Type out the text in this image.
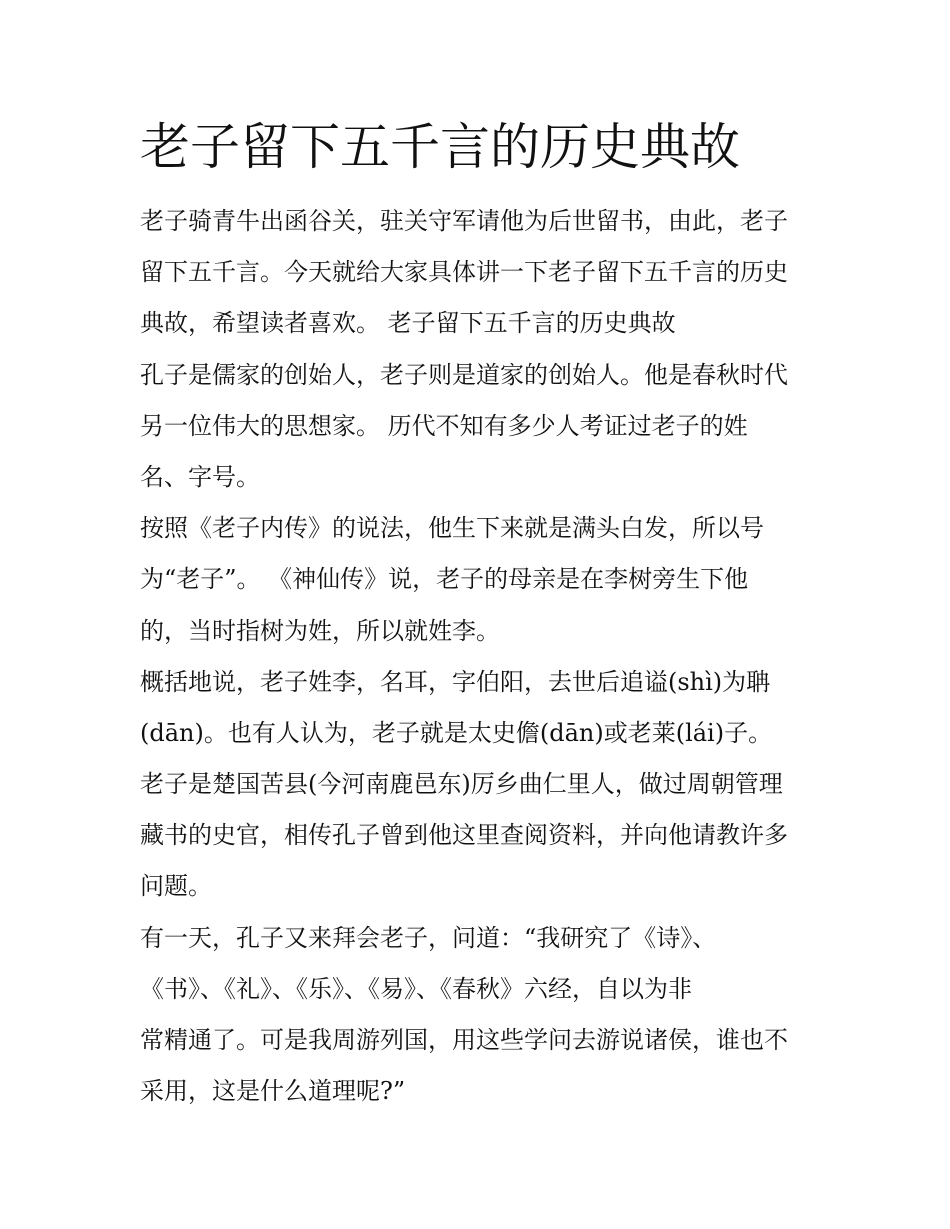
老子留下五千言的历史典故
老子骑青牛出函谷关，驻关守军请他为后世留书，由此，老子
留下五千言。今天就给大家具体讲一下老子留下五千言的历史
典故，希望读者喜欢。 老子留下五千言的历史典故
孔子是儒家的创始人，老子则是道家的创始人。他是春秋时代
另一位伟大的思想家。 历代不知有多少人考证过老子的姓
名、字号。
按照《老子内传》的说法，他生下来就是满头白发，所以号
为“老子”。 《神仙传》说，老子的母亲是在李树旁生下他
的，当时指树为姓，所以就姓李。
概括地说，老子姓李，名耳，字伯阳，去世后追谥(shì)为聃
(dān)。也有人认为，老子就是太史儋(dān)或老莱(lái)子。
老子是楚国苦县(今河南鹿邑东)厉乡曲仁里人，做过周朝管理
藏书的史官，相传孔子曾到他这里查阅资料，并向他请教许多
问题。
有一天，孔子又来拜会老子，问道：“我研究了《诗》、
《书》、《礼》、《乐》、《易》、《春秋》六经，自以为非
常精通了。可是我周游列国，用这些学问去游说诸侯，谁也不
采用，这是什么道理呢?”
